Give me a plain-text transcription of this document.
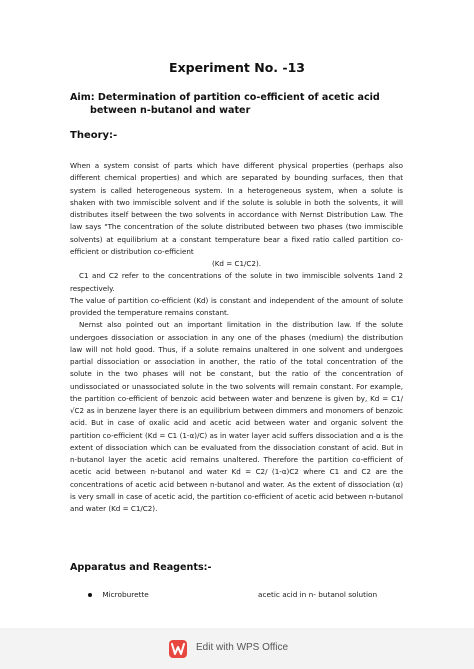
Experiment No. -13
Aim: Determination of partition co-efficient of acetic acid
between n-butanol and water
Theory:-

When a system consist of parts which have different physical properties (perhaps also different chemical properties) and which are separated by bounding surfaces, then that system is called heterogeneous system. In a heterogeneous system, when a solute is shaken with two immiscible solvent and if the solute is soluble in both the solvents, it will distributes itself between the two solvents in accordance with Nernst Distribution Law. The law says "The concentration of the solute distributed between two phases (two immiscible solvents) at equilibrium at a constant temperature bear a fixed ratio called partition co-efficient or distribution co-efficient

(Kd = C1/C2).

C1 and C2 refer to the concentrations of the solute in two immiscible solvents 1and 2 respectively.

The value of partition co-efficient (Kd) is constant and independent of the amount of solute provided the temperature remains constant.

Nernst also pointed out an important limitation in the distribution law. If the solute undergoes dissociation or association in any one of the phases (medium) the distribution law will not hold good. Thus, if a solute remains unaltered in one solvent and undergoes partial dissociation or association in another, the ratio of the total concentration of the solute in the two phases will not be constant, but the ratio of the concentration of undissociated or unassociated solute in the two solvents will remain constant. For example, the partition co-efficient of benzoic acid between water and benzene is given by, Kd = C1/√C2 as in benzene layer there is an equilibrium between dimmers and monomers of benzoic acid. But in case of oxalic acid and acetic acid between water and organic solvent the partition co-efficient (Kd = C1 (1-α)/C) as in water layer acid suffers dissociation and α is the extent of dissociation which can be evaluated from the dissociation constant of acid. But in n-butanol layer the acetic acid remains unaltered. Therefore the partition co-efficient of acetic acid between n-butanol and water Kd = C2/ (1-α)C2 where C1 and C2 are the concentrations of acetic acid between n-butanol and water. As the extent of dissociation (α) is very small in case of acetic acid, the partition co-efficient of acetic acid between n-butanol and water (Kd = C1/C2).

Apparatus and Reagents:-
Microburette	acetic acid in n- butanol solution
Edit with WPS Office
